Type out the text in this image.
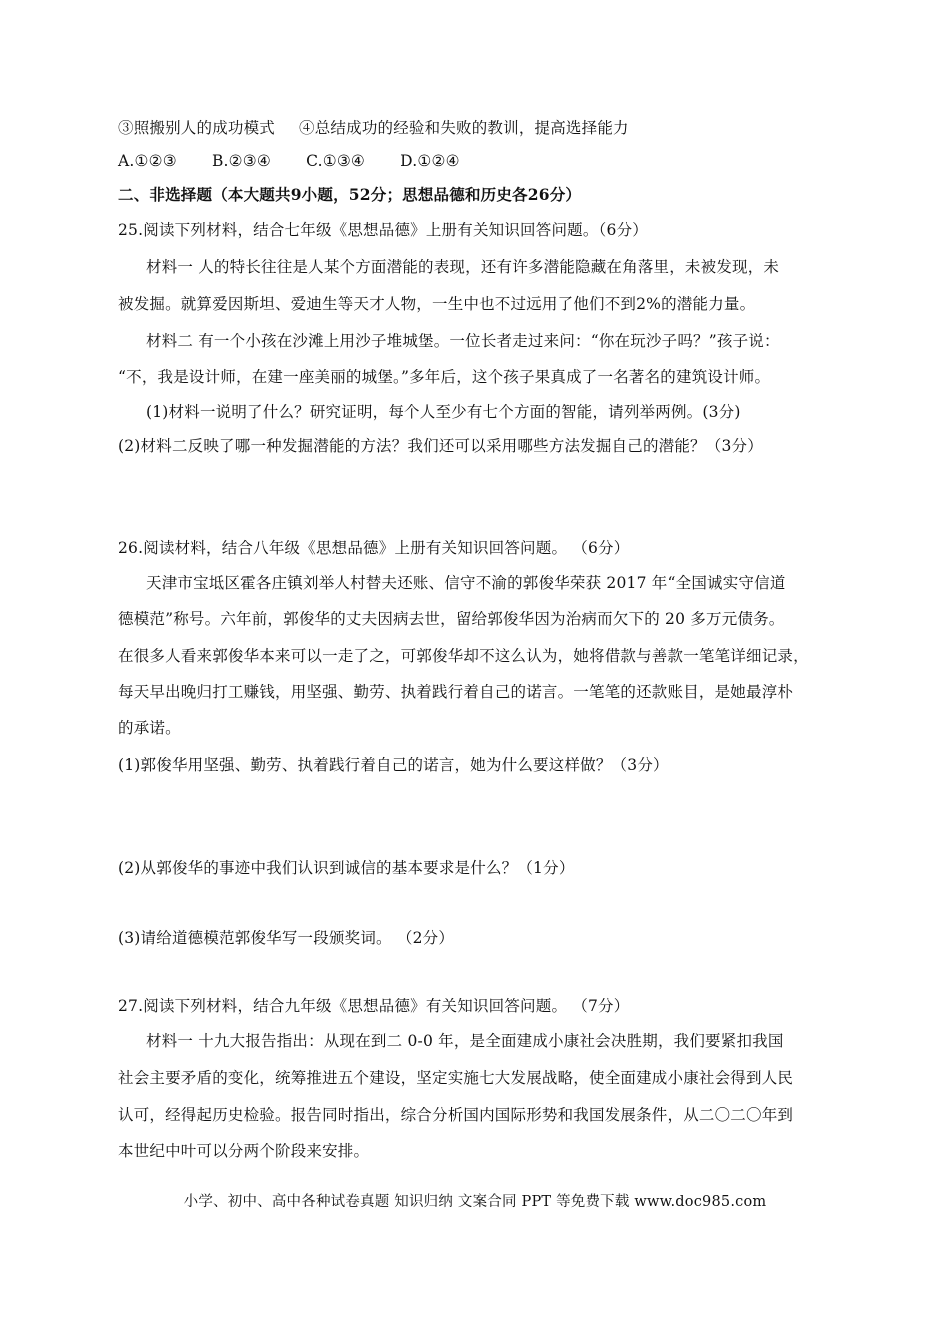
③照搬别人的成功模式 ④总结成功的经验和失败的教训，提高选择能力
A.①②③ B.②③④ C.①③④ D.①②④
二、非选择题（本大题共9小题，52分；思想品德和历史各26分）
25.阅读下列材料，结合七年级《思想品德》上册有关知识回答问题。（6分）
材料一 人的特长往往是人某个方面潜能的表现，还有许多潜能隐藏在角落里，未被发现，未
被发掘。就算爱因斯坦、爱迪生等天才人物，一生中也不过远用了他们不到2%的潜能力量。
材料二 有一个小孩在沙滩上用沙子堆城堡。一位长者走过来问：“你在玩沙子吗？”孩子说：
“不，我是设计师，在建一座美丽的城堡。”多年后，这个孩子果真成了一名著名的建筑设计师。
(1)材料一说明了什么？研究证明，每个人至少有七个方面的智能，请列举两例。(3分)
(2)材料二反映了哪一种发掘潜能的方法？我们还可以采用哪些方法发掘自己的潜能？（3分）
26.阅读材料，结合八年级《思想品德》上册有关知识回答问题。 （6分）
天津市宝坻区霍各庄镇刘举人村替夫还账、信守不渝的郭俊华荣获 2017 年“全国诚实守信道
德模范”称号。六年前，郭俊华的丈夫因病去世，留给郭俊华因为治病而欠下的 20 多万元债务。
在很多人看来郭俊华本来可以一走了之，可郭俊华却不这么认为，她将借款与善款一笔笔详细记录，
每天早出晚归打工赚钱，用坚强、勤劳、执着践行着自己的诺言。一笔笔的还款账目，是她最淳朴
的承诺。
(1)郭俊华用坚强、勤劳、执着践行着自己的诺言，她为什么要这样做？（3分）
(2)从郭俊华的事迹中我们认识到诚信的基本要求是什么？（1分）
(3)请给道德模范郭俊华写一段颁奖词。 （2分）
27.阅读下列材料，结合九年级《思想品德》有关知识回答问题。 （7分）
材料一 十九大报告指出：从现在到二 0-0 年，是全面建成小康社会决胜期，我们要紧扣我国
社会主要矛盾的变化，统筹推进五个建设，坚定实施七大发展战略，使全面建成小康社会得到人民
认可，经得起历史检验。报告同时指出，综合分析国内国际形势和我国发展条件，从二〇二〇年到
本世纪中叶可以分两个阶段来安排。
小学、初中、高中各种试卷真题 知识归纳 文案合同 PPT 等免费下载 www.doc985.com
